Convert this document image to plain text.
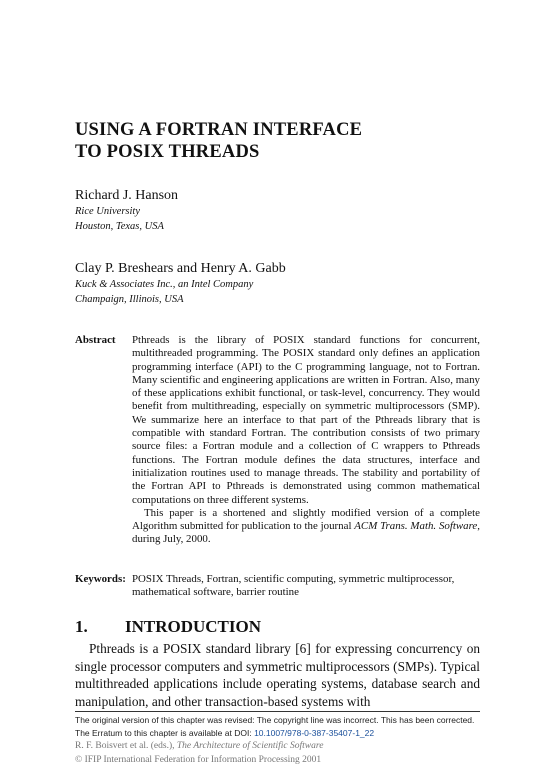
USING A FORTRAN INTERFACE
TO POSIX THREADS
Richard J. Hanson
Rice University
Houston, Texas, USA
Clay P. Breshears and Henry A. Gabb
Kuck & Associates Inc., an Intel Company
Champaign, Illinois, USA
Abstract Pthreads is the library of POSIX standard functions for concurrent, multithreaded programming. The POSIX standard only defines an application programming interface (API) to the C programming language, not to Fortran. Many scientific and engineering applications are written in Fortran. Also, many of these applications exhibit functional, or task-level, concurrency. They would benefit from multithreading, especially on symmetric multiprocessors (SMP). We summarize here an interface to that part of the Pthreads library that is compatible with standard Fortran. The contribution consists of two primary source files: a Fortran module and a collection of C wrappers to Pthreads functions. The Fortran module defines the data structures, interface and initialization routines used to manage threads. The stability and portability of the Fortran API to Pthreads is demonstrated using common mathematical computations on three different systems.

This paper is a shortened and slightly modified version of a complete Algorithm submitted for publication to the journal ACM Trans. Math. Software, during July, 2000.

Keywords: POSIX Threads, Fortran, scientific computing, symmetric multiprocessor, mathematical software, barrier routine
1. INTRODUCTION

Pthreads is a POSIX standard library [6] for expressing concurrency on single processor computers and symmetric multiprocessors (SMPs). Typical multithreaded applications include operating systems, database search and manipulation, and other transaction-based systems with

The original version of this chapter was revised: The copyright line was incorrect. This has been corrected. The Erratum to this chapter is available at DOI: 10.1007/978-0-387-35407-1_22
R. F. Boisvert et al. (eds.), The Architecture of Scientific Software
© IFIP International Federation for Information Processing 2001
